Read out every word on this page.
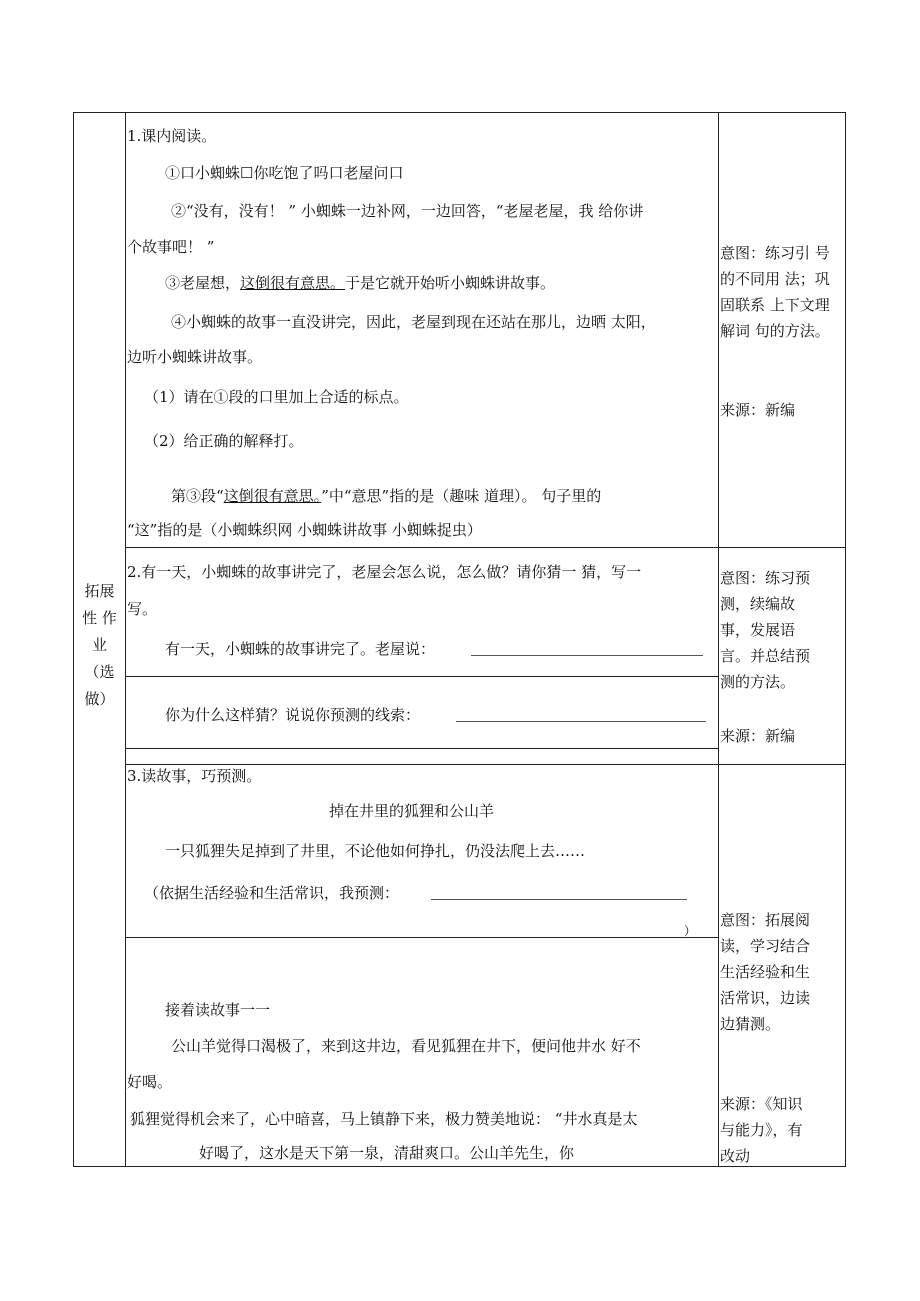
拓展
性 作
业
（选
做）
1.课内阅读。
①口小蜘蛛☐你吃饱了吗口老屋问口
②“没有，没有！ ” 小蜘蛛一边补网，一边回答，“老屋老屋，我 给你讲
个故事吧！ ”
③老屋想，这倒很有意思。于是它就开始听小蜘蛛讲故事。
④小蜘蛛的故事一直没讲完，因此，老屋到现在还站在那儿，边晒 太阳，
边听小蜘蛛讲故事。
（1）请在①段的口里加上合适的标点。
（2）给正确的解释打。
第③段“这倒很有意思。”中“意思”指的是（趣味 道理）。 句子里的
“这”指的是（小蜘蛛织网 小蜘蛛讲故事 小蜘蛛捉虫）
意图：练习引 号
的不同用 法；巩
固联系 上下文理
解词 句的方法。
来源：新编
2.有一天，小蜘蛛的故事讲完了，老屋会怎么说，怎么做？请你猜一 猜，写一
写。
有一天，小蜘蛛的故事讲完了。老屋说：
你为什么这样猜？说说你预测的线索：
意图：练习预
测，续编故
事，发展语
言。并总结预
测的方法。
来源：新编
3.读故事，巧预测。
掉在井里的狐狸和公山羊
一只狐狸失足掉到了井里，不论他如何挣扎，仍没法爬上去……
（依据生活经验和生活常识，我预测：
）
接着读故事一一
公山羊觉得口渴极了，来到这井边，看见狐狸在井下，便问他井水 好不
好喝。
狐狸觉得机会来了，心中暗喜，马上镇静下来，极力赞美地说： “井水真是太
好喝了，这水是天下第一泉，清甜爽口。公山羊先生，你
意图：拓展阅
读，学习结合
生活经验和生
活常识，边读
边猜测。
来源：《知识
与能力》，有
改动
